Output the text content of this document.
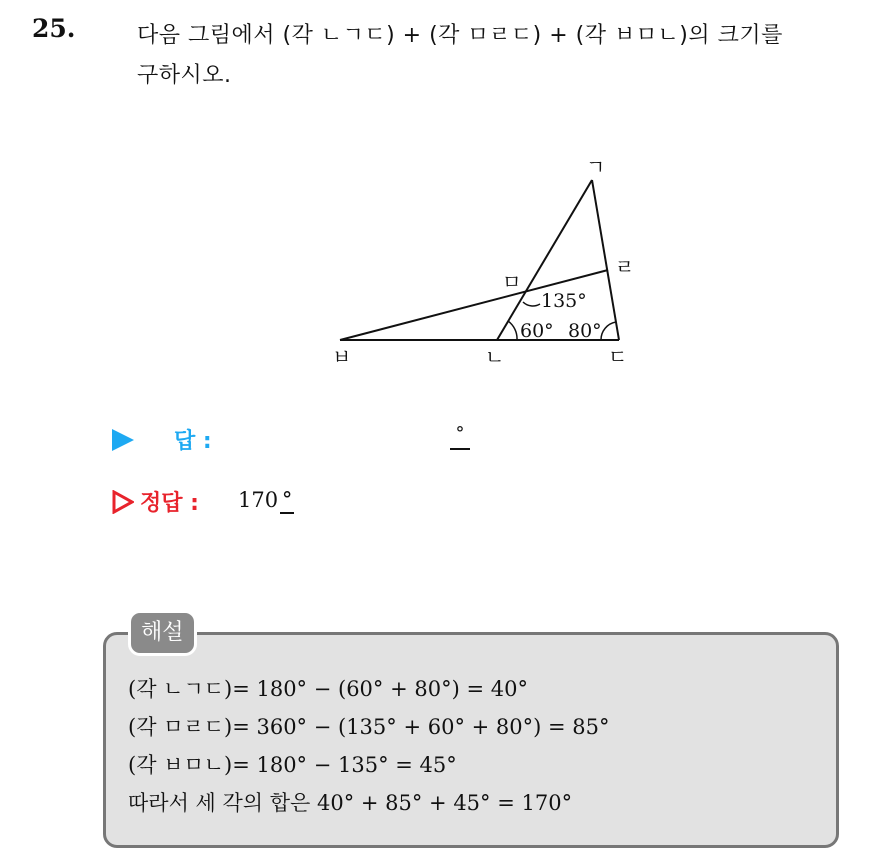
25.	다음 그림에서 (각 ㄴㄱㄷ) + (각 ㅁㄹㄷ) + (각 ㅂㅁㄴ)의 크기를
구하시오.
ㄱ
ㄹ
ㅁ
ㅂ	ㄴ	ㄷ
135°
60° 80°
답 :	°
정답 : 170 °
해설
(각 ㄴㄱㄷ)= 180° − (60° + 80°) = 40°
(각 ㅁㄹㄷ)= 360° − (135° + 60° + 80°) = 85°
(각 ㅂㅁㄴ)= 180° − 135° = 45°
따라서 세 각의 합은 40° + 85° + 45° = 170°
